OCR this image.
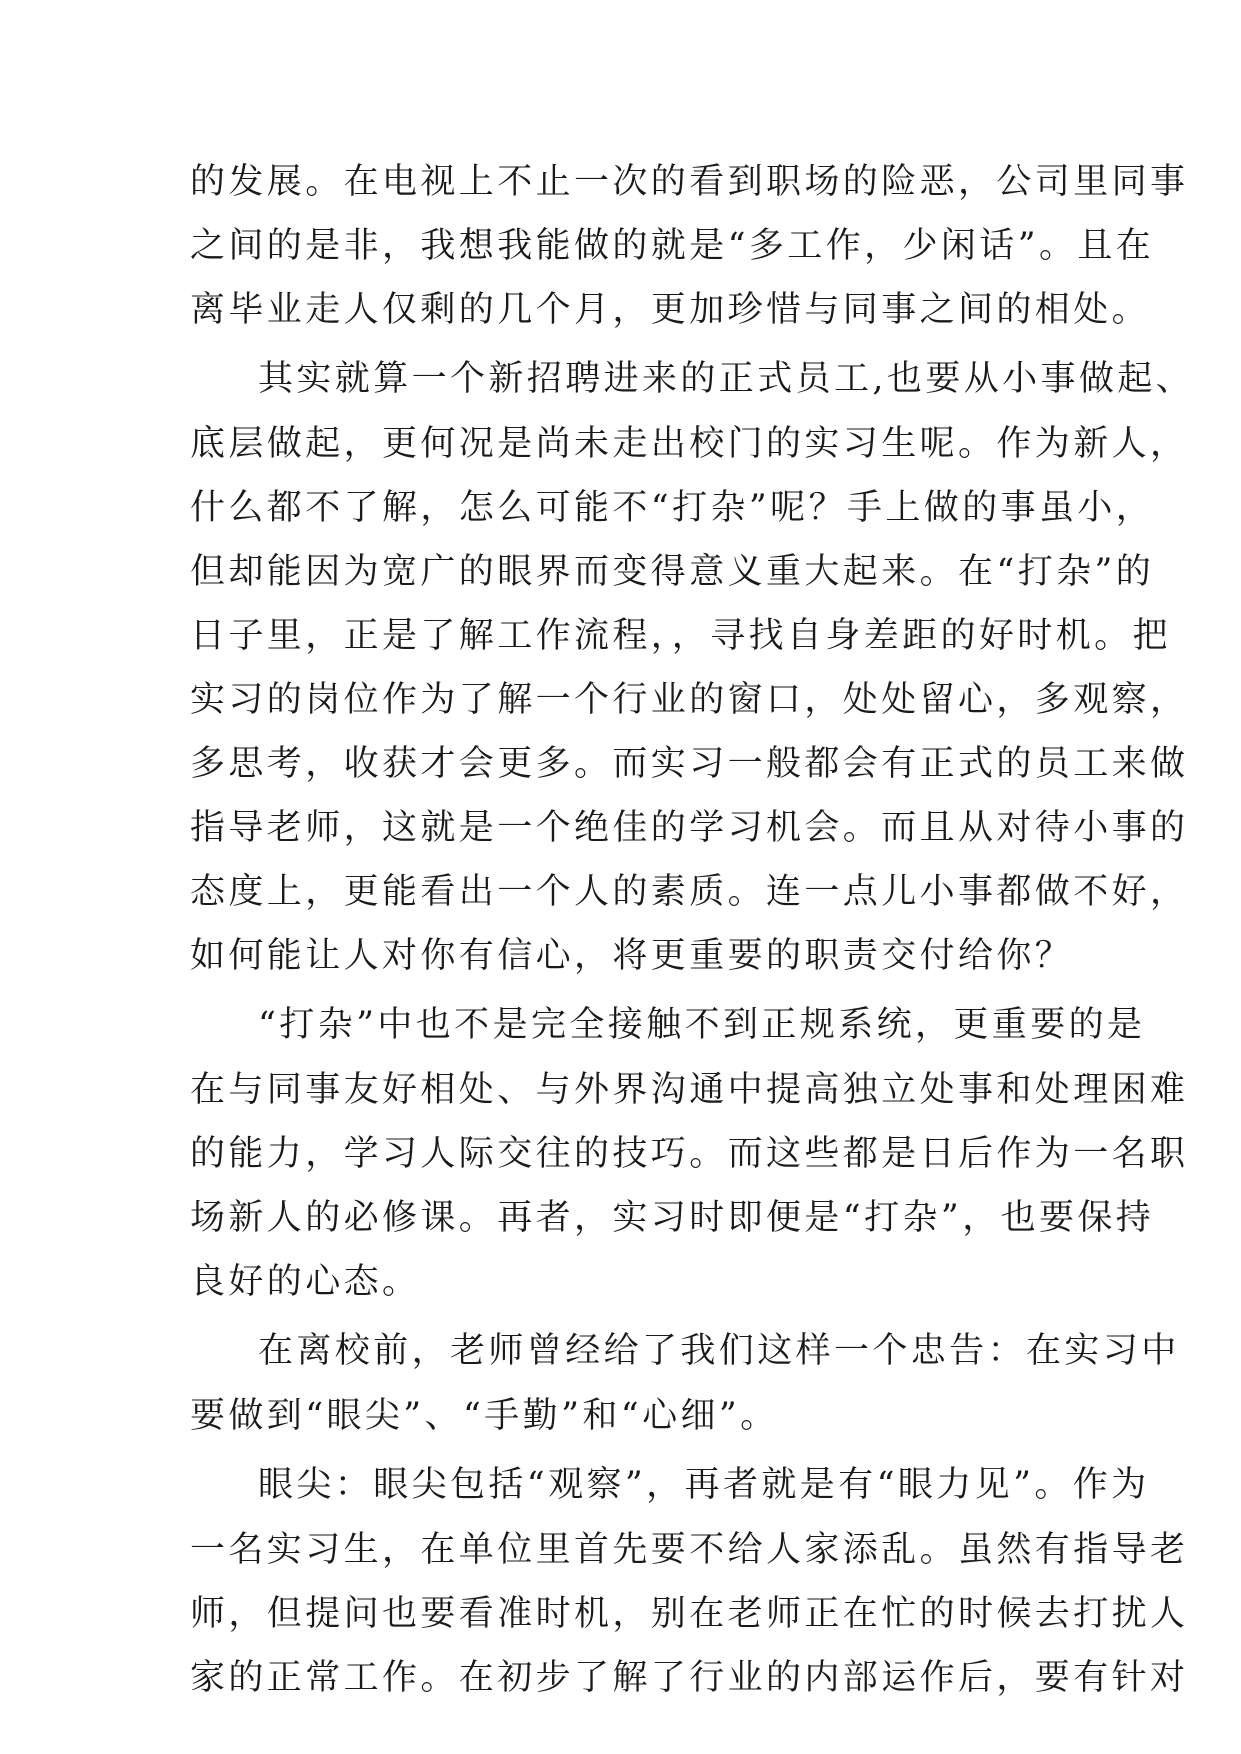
的发展。在电视上不止一次的看到职场的险恶，公司里同事
之间的是非，我想我能做的就是“多工作，少闲话”。且在
离毕业走人仅剩的几个月，更加珍惜与同事之间的相处。
其实就算一个新招聘进来的正式员工,也要从小事做起、
底层做起，更何况是尚未走出校门的实习生呢。作为新人，
什么都不了解，怎么可能不“打杂”呢？手上做的事虽小，
但却能因为宽广的眼界而变得意义重大起来。在“打杂”的
日子里，正是了解工作流程，，寻找自身差距的好时机。把
实习的岗位作为了解一个行业的窗口，处处留心，多观察，
多思考，收获才会更多。而实习一般都会有正式的员工来做
指导老师，这就是一个绝佳的学习机会。而且从对待小事的
态度上，更能看出一个人的素质。连一点儿小事都做不好，
如何能让人对你有信心，将更重要的职责交付给你？
“打杂”中也不是完全接触不到正规系统，更重要的是
在与同事友好相处、与外界沟通中提高独立处事和处理困难
的能力，学习人际交往的技巧。而这些都是日后作为一名职
场新人的必修课。再者，实习时即便是“打杂”，也要保持
良好的心态。
在离校前，老师曾经给了我们这样一个忠告：在实习中
要做到“眼尖”、“手勤”和“心细”。
眼尖：眼尖包括“观察”，再者就是有“眼力见”。作为
一名实习生，在单位里首先要不给人家添乱。虽然有指导老
师，但提问也要看准时机，别在老师正在忙的时候去打扰人
家的正常工作。在初步了解了行业的内部运作后，要有针对
